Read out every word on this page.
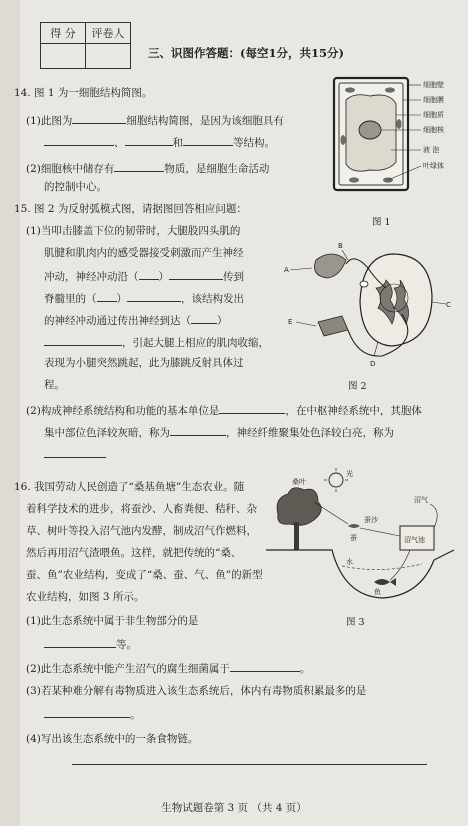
得 分	评卷人

三、识图作答题：(每空1分，共15分)
14. 图 1 为一细胞结构简图。
(1)此图为	细胞结构简图，是因为该细胞具有
、	和	等结构。
(2)细胞核中储存有	物质，是细胞生命活动
的控制中心。
细胞壁
细胞膜
细胞质
细胞核
液 泡
叶绿体
图 1
15. 图 2 为反射弧模式图，请据图回答相应问题：
(1)当叩击膝盖下位的韧带时，大腿股四头肌的
肌腱和肌肉内的感受器接受刺激而产生神经
冲动，神经冲动沿（ ）	传到
脊髓里的（ ）	，该结构发出
的神经冲动通过传出神经到达（ ）
，引起大腿上相应的肌肉收缩，
表现为小腿突然跳起，此为膝跳反射具体过
程。
(2)构成神经系统结构和功能的基本单位是	，在中枢神经系统中，其胞体
集中部位色泽较灰暗，称为	，神经纤维聚集处色泽较白亮，称为
A
B
C
D
E
图 2
16. 我国劳动人民创造了“桑基鱼塘”生态农业。随
着科学技术的进步，将蚕沙、人畜粪便、秸秆、杂
草、树叶等投入沼气池内发酵，制成沼气作燃料，
然后再用沼气渣喂鱼。这样，就把传统的“桑、
蚕、鱼”农业结构，变成了“桑、蚕、气、鱼”的新型
农业结构，如图 3 所示。
桑叶
蚕
蚕沙
沼气
沼气池
水
鱼
光
图 3
(1)此生态系统中属于非生物部分的是
等。
(2)此生态系统中能产生沼气的腐生细菌属于	。
(3)若某种难分解有毒物质进入该生态系统后，体内有毒物质积累最多的是
。
(4)写出该生态系统中的一条食物链。
生物试题卷第 3 页 （共 4 页）
